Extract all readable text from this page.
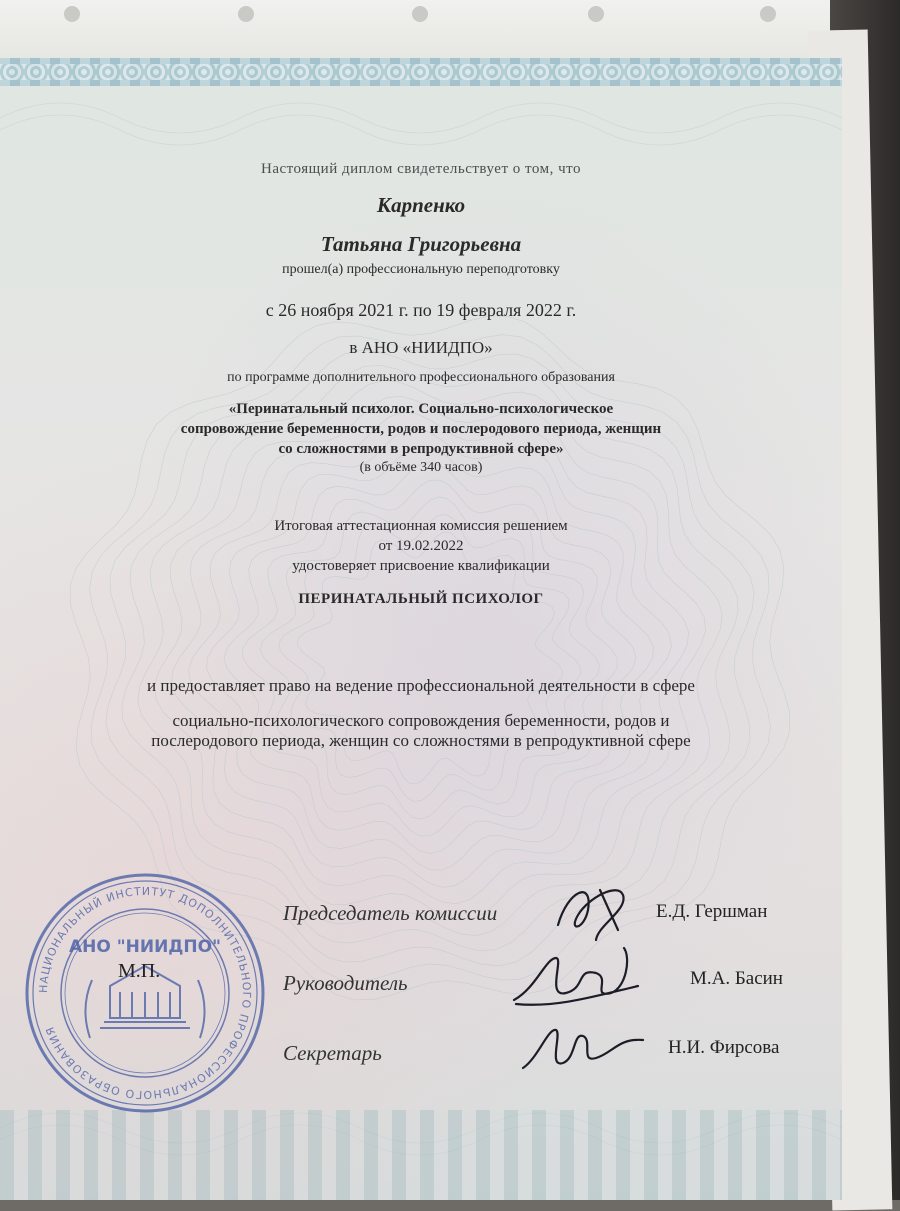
Настоящий диплом свидетельствует о том, что
Карпенко
Татьяна Григорьевна
прошел(а) профессиональную переподготовку
с 26 ноября 2021 г. по 19 февраля 2022 г.
в АНО «НИИДПО»
по программе дополнительного профессионального образования
«Перинатальный психолог. Социально-психологическое
сопровождение беременности, родов и послеродового периода, женщин
со сложностями в репродуктивной сфере»
(в объёме 340 часов)
Итоговая аттестационная комиссия решением
от 19.02.2022
удостоверяет присвоение квалификации
ПЕРИНАТАЛЬНЫЙ ПСИХОЛОГ
и предоставляет право на ведение профессиональной деятельности в сфере
социально-психологического сопровождения беременности, родов и
послеродового периода, женщин со сложностями в репродуктивной сфере
НАЦИОНАЛЬНЫЙ ИНСТИТУТ ДОПОЛНИТЕЛЬНОГО ПРОФЕССИОНАЛЬНОГО ОБРАЗОВАНИЯ
АНО "НИИДПО"
М.П.
Председатель комиссии	Е.Д. Гершман
Руководитель	М.А. Басин
Секретарь	Н.И. Фирсова
